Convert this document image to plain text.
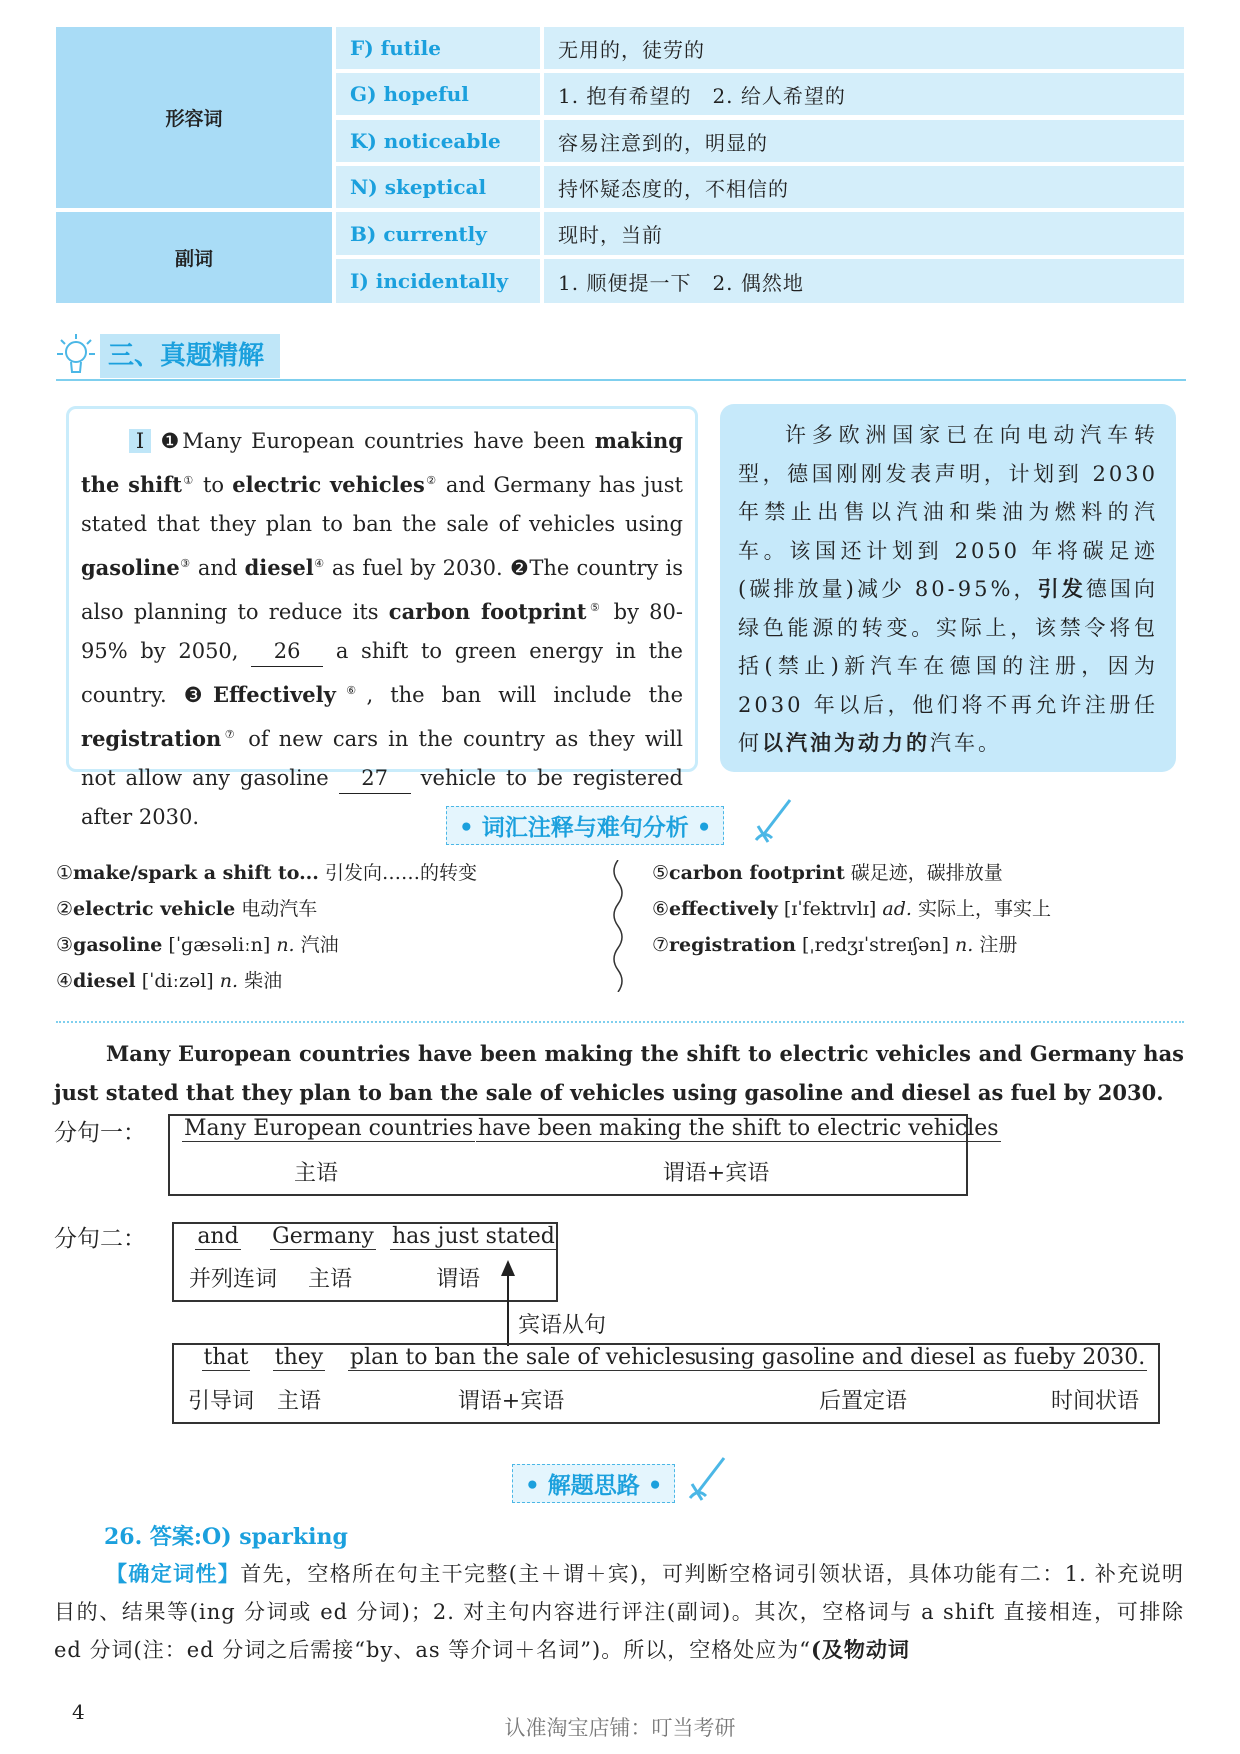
形容词
副词
F) futile	无用的，徒劳的
G) hopeful	1. 抱有希望的　2. 给人希望的
K) noticeable	容易注意到的，明显的
N) skeptical	持怀疑态度的，不相信的
B) currently	现时，当前
I) incidentally	1. 顺便提一下　2. 偶然地
三、真题精解
Ⅰ ❶Many European countries have been making the shift① to electric vehicles② and Germany has just stated that they plan to ban the sale of vehicles using gasoline③ and diesel④ as fuel by 2030. ❷The country is also planning to reduce its carbon footprint⑤ by 80-95% by 2050, 26 a shift to green energy in the country. ❸Effectively⑥, the ban will include the registration⑦ of new cars in the country as they will not allow any gasoline 27 vehicle to be registered after 2030.
许多欧洲国家已在向电动汽车转型，德国刚刚发表声明，计划到 2030 年禁止出售以汽油和柴油为燃料的汽车。该国还计划到 2050 年将碳足迹(碳排放量)减少 80-95%，引发德国向绿色能源的转变。实际上，该禁令将包括(禁止)新汽车在德国的注册，因为 2030 年以后，他们将不再允许注册任何以汽油为动力的汽车。
• 词汇注释与难句分析 •
①make/spark a shift to... 引发向……的转变
②electric vehicle 电动汽车
③gasoline [ˈɡæsəliːn] n. 汽油
④diesel [ˈdiːzəl] n. 柴油
⑤carbon footprint 碳足迹，碳排放量
⑥effectively [ɪˈfektɪvlɪ] ad. 实际上，事实上
⑦registration [ˌredʒɪˈstreɪʃən] n. 注册
Many European countries have been making the shift to electric vehicles and Germany has just stated that they plan to ban the sale of vehicles using gasoline and diesel as fuel by 2030.
分句一： Many European countries
主语
have been making the shift to electric vehicles
谓语+宾语
分句二：	and
并列连词
Germany
主语
has just stated
谓语
宾语从句
that
引导词
they
主语
plan to ban the sale of vehicles
谓语+宾语
using gasoline and diesel as fuel
后置定语
by 2030.
时间状语
• 解题思路 •
26. 答案:O) sparking
【确定词性】首先，空格所在句主干完整(主＋谓＋宾)，可判断空格词引领状语，具体功能有二：1. 补充说明目的、结果等(ing 分词或 ed 分词)；2. 对主句内容进行评注(副词)。其次，空格词与 a shift 直接相连，可排除 ed 分词(注：ed 分词之后需接“by、as 等介词＋名词”)。所以，空格处应为“(及物动词
4
认准淘宝店铺：叮当考研
